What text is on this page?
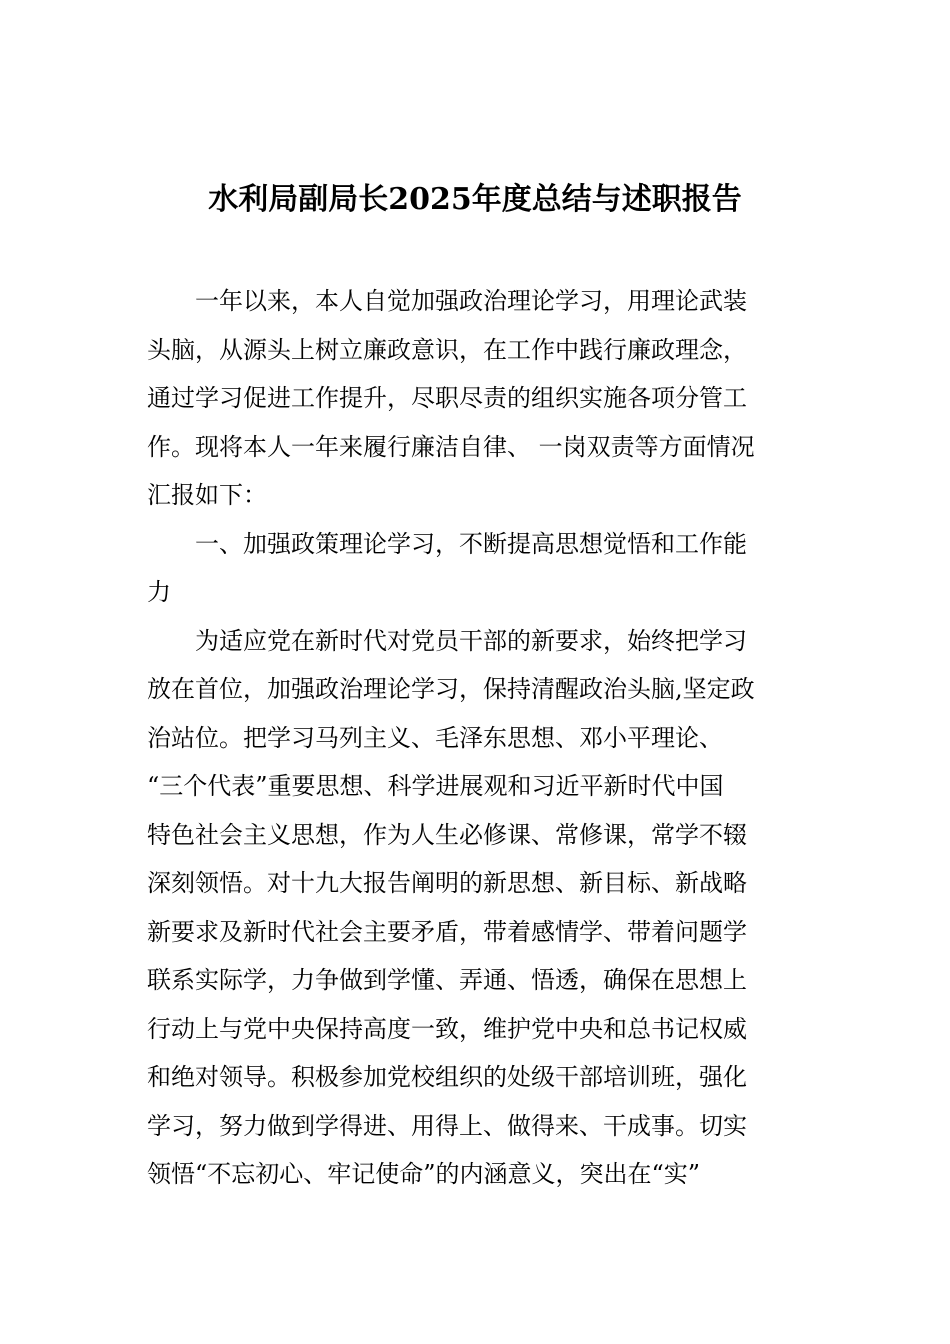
水利局副局长2025年度总结与述职报告
一年以来，本人自觉加强政治理论学习，用理论武装
头脑，从源头上树立廉政意识，在工作中践行廉政理念，
通过学习促进工作提升，尽职尽责的组织实施各项分管工
作。现将本人一年来履行廉洁自律、 一岗双责等方面情况
汇报如下：
一、加强政策理论学习，不断提高思想觉悟和工作能
力
为适应党在新时代对党员干部的新要求，始终把学习
放在首位，加强政治理论学习，保持清醒政治头脑,坚定政
治站位。把学习马列主义、毛泽东思想、邓小平理论、
“三个代表”重要思想、科学进展观和习近平新时代中国
特色社会主义思想，作为人生必修课、常修课，常学不辍
深刻领悟。对十九大报告阐明的新思想、新目标、新战略
新要求及新时代社会主要矛盾，带着感情学、带着问题学
联系实际学，力争做到学懂、弄通、悟透，确保在思想上
行动上与党中央保持高度一致，维护党中央和总书记权威
和绝对领导。积极参加党校组织的处级干部培训班，强化
学习，努力做到学得进、用得上、做得来、干成事。切实
领悟“不忘初心、牢记使命”的内涵意义，突出在“实”
